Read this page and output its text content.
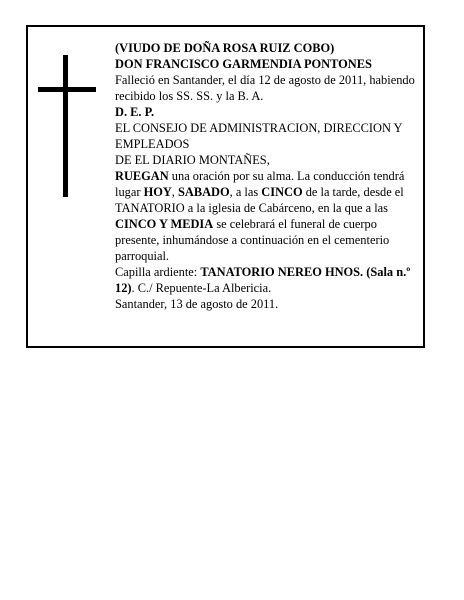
(VIUDO DE DOÑA ROSA RUIZ COBO)

DON FRANCISCO GARMENDIA PONTONES

Falleció en Santander, el día 12 de agosto de 2011, habiendo recibido los SS. SS. y la B. A.

D. E. P.

EL CONSEJO DE ADMINISTRACION, DIRECCION Y EMPLEADOS

DE EL DIARIO MONTAÑES,

RUEGAN una oración por su alma. La conducción tendrá lugar HOY, SABADO, a las CINCO de la tarde, desde el TANATORIO a la iglesia de Cabárceno, en la que a las CINCO Y MEDIA se celebrará el funeral de cuerpo presente, inhumándose a continuación en el cementerio parroquial.

Capilla ardiente: TANATORIO NEREO HNOS. (Sala n.º 12). C./ Repuente-La Albericia.

Santander, 13 de agosto de 2011.
